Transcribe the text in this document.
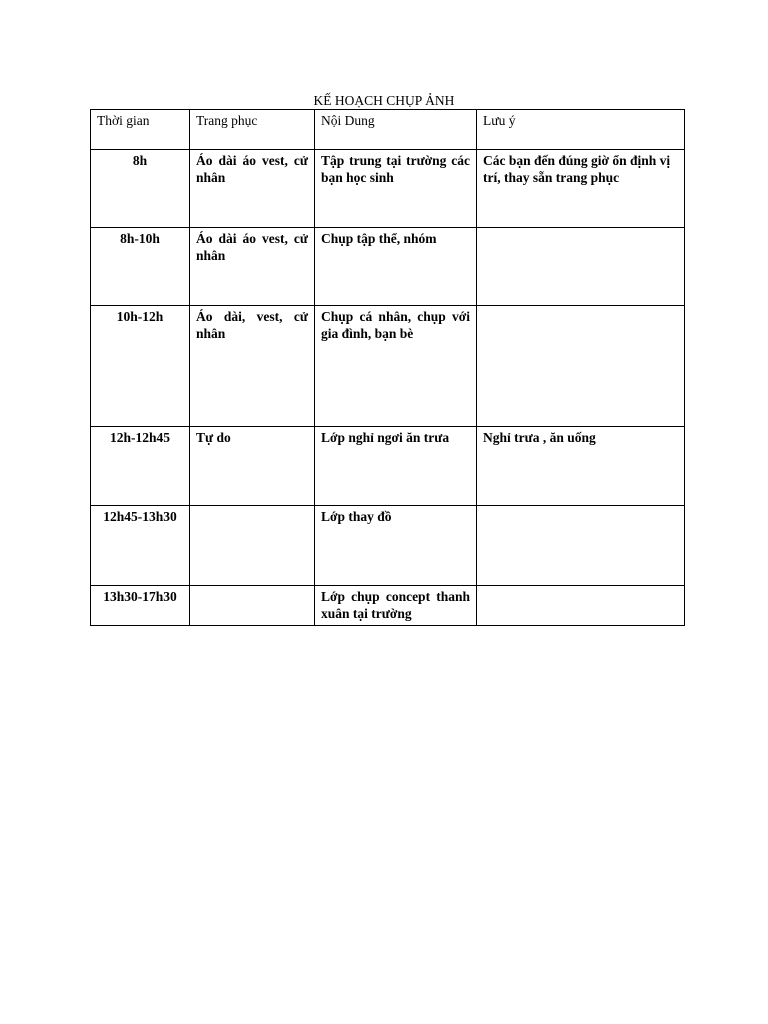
KẾ HOẠCH CHỤP ẢNH
Thời gian	Trang phục	Nội Dung	Lưu ý
8h	Áo dài áo vest, cử nhân	Tập trung tại trường các bạn học sinh	Các bạn đến đúng giờ ổn định vị trí, thay sẵn trang phục
8h-10h	Áo dài áo vest, cử nhân	Chụp tập thể, nhóm	
10h-12h	Áo dài, vest, cử nhân	Chụp cá nhân, chụp với gia đình, bạn bè	
12h-12h45	Tự do	Lớp nghỉ ngơi ăn trưa	Nghỉ trưa , ăn uống
12h45-13h30		Lớp thay đồ	
13h30-17h30		Lớp chụp concept thanh xuân tại trường	
